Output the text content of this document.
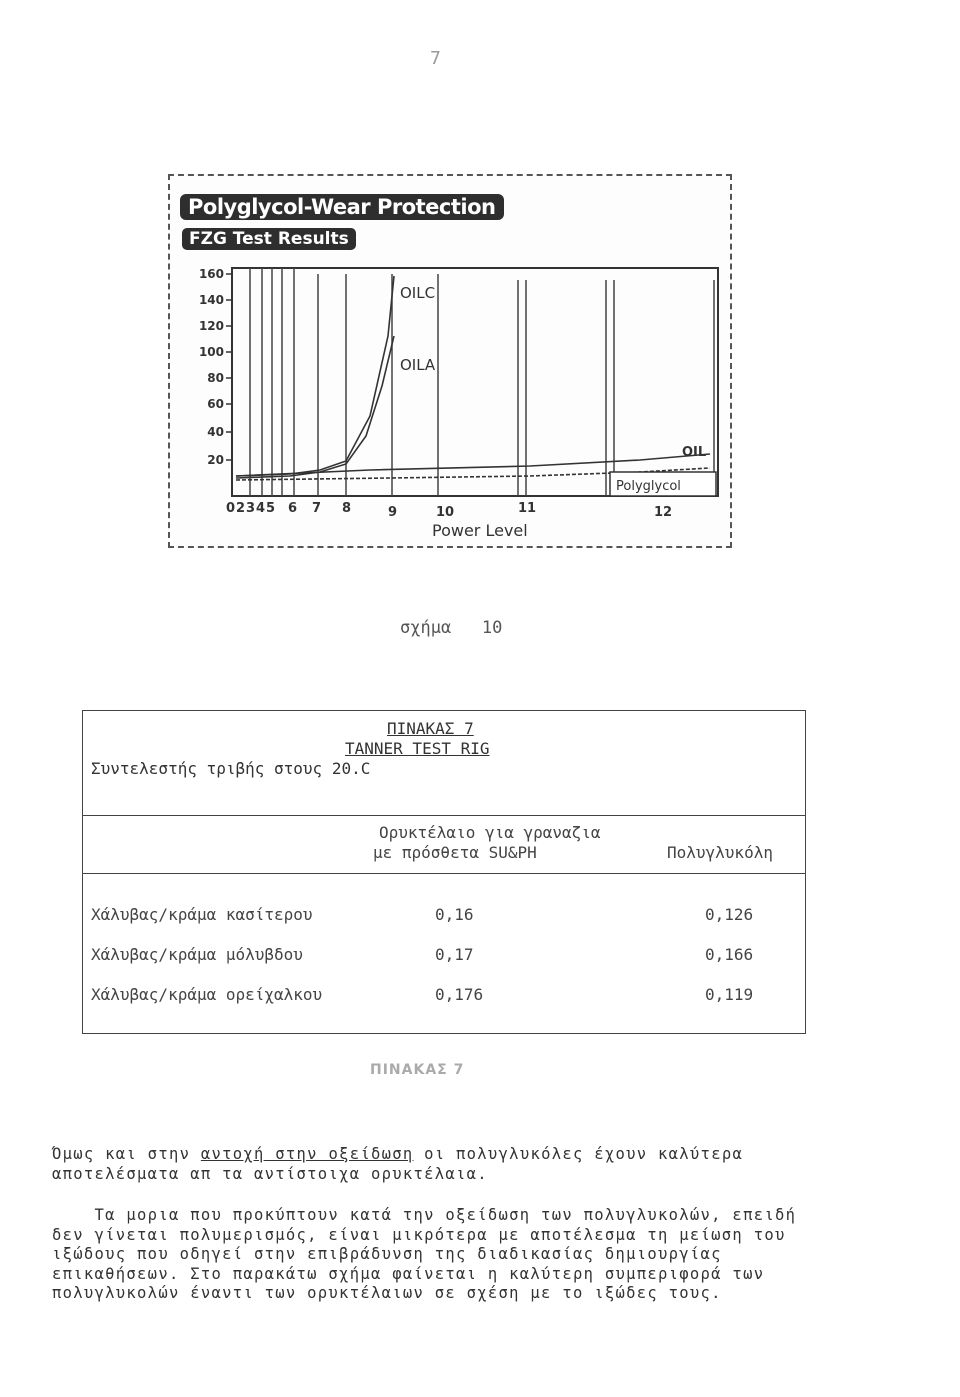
7
160
140
120
100
80
60
40
20
0 2 3 4 5 6 7 8	9	10	11	12
Power Level
OILC
OILA
OIL
Polyglycol
Polyglycol-Wear Protection
FZG Test Results
σχήμα 10
ΠΙΝΑΚΑΣ 7
TANNER TEST RIG
Συντελεστής τριβής στους 20.C
Ορυκτέλαιο για γραναζια
με πρόσθετα SU&PH	Πολυγλυκόλη
Χάλυβας/κράμα κασίτερου	0,16	0,126
Χάλυβας/κράμα μόλυβδου	0,17	0,166
Χάλυβας/κράμα ορείχαλκου	0,176	0,119
ΠΙΝΑΚΑΣ 7

Όμως και στην αντοχή στην οξείδωση οι πολυγλυκόλες έχουν καλύτερα

αποτελέσματα απ τα αντίστοιχα ορυκτέλαια.

Τα μορια που προκύπτουν κατά την οξείδωση των πολυγλυκολών, επειδή

δεν γίνεται πολυμερισμός, είναι μικρότερα με αποτέλεσμα τη μείωση του

ιξώδους που οδηγεί στην επιβράδυνση της διαδικασίας δημιουργίας

επικαθήσεων. Στο παρακάτω σχήμα φαίνεται η καλύτερη συμπεριφορά των

πολυγλυκολών έναντι των ορυκτέλαιων σε σχέση με το ιξώδες τους.
